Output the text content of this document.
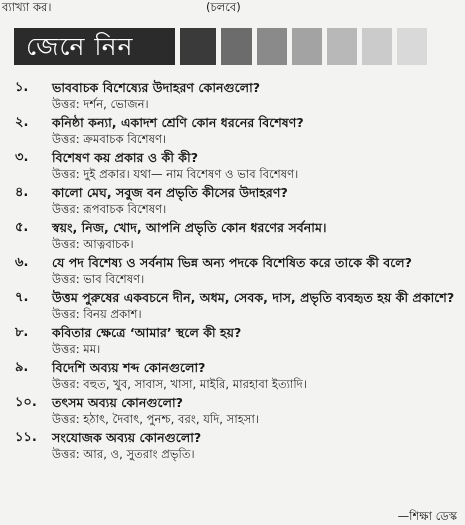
ব্যাখ্যা কর।	(চলবে)
জেনে নিন
১. ভাববাচক বিশেষ্যের উদাহরণ কোনগুলো?
উত্তর: দর্শন, ভোজন।
২. কনিষ্ঠা কন্যা, একাদশ শ্রেণি কোন ধরনের বিশেষণ?
উত্তর: ক্রমবাচক বিশেষণ।
৩. বিশেষণ কয় প্রকার ও কী কী?
উত্তর: দুই প্রকার। যথা— নাম বিশেষণ ও ভাব বিশেষণ।
৪. কালো মেঘ, সবুজ বন প্রভৃতি কীসের উদাহরণ?
উত্তর: রূপবাচক বিশেষণ।
৫. স্বয়ং, নিজ, খোদ, আপনি প্রভৃতি কোন ধরণের সর্বনাম।
উত্তর: আত্নবাচক।
৬. যে পদ বিশেষ্য ও সর্বনাম ভিন্ন অন্য পদকে বিশেষিত করে তাকে কী বলে?
উত্তর: ভাব বিশেষণ।
৭. উত্তম পুরুষের একবচনে দীন, অধম, সেবক, দাস, প্রভৃতি ব্যবহৃত হয় কী প্রকাশে?
উত্তর: বিনয় প্রকাশ।
৮. কবিতার ক্ষেত্রে ‘আমার’ স্থলে কী হয়?
উত্তর: মম।
৯. বিদেশি অব্যয় শব্দ কোনগুলো?
উত্তর: বহুত, খুব, সাবাস, খাসা, মাইরি, মারহাবা ইত্যাদি।
১০. তৎসম অব্যয় কোনগুলো?
উত্তর: হঠাৎ, দৈবাৎ, পুনশ্চ, বরং, যদি, সাহসা।
১১. সংযোজক অব্যয় কোনগুলো?
উত্তর: আর, ও, সুতরাং প্রভৃতি।
—শিক্ষা ডেস্ক
